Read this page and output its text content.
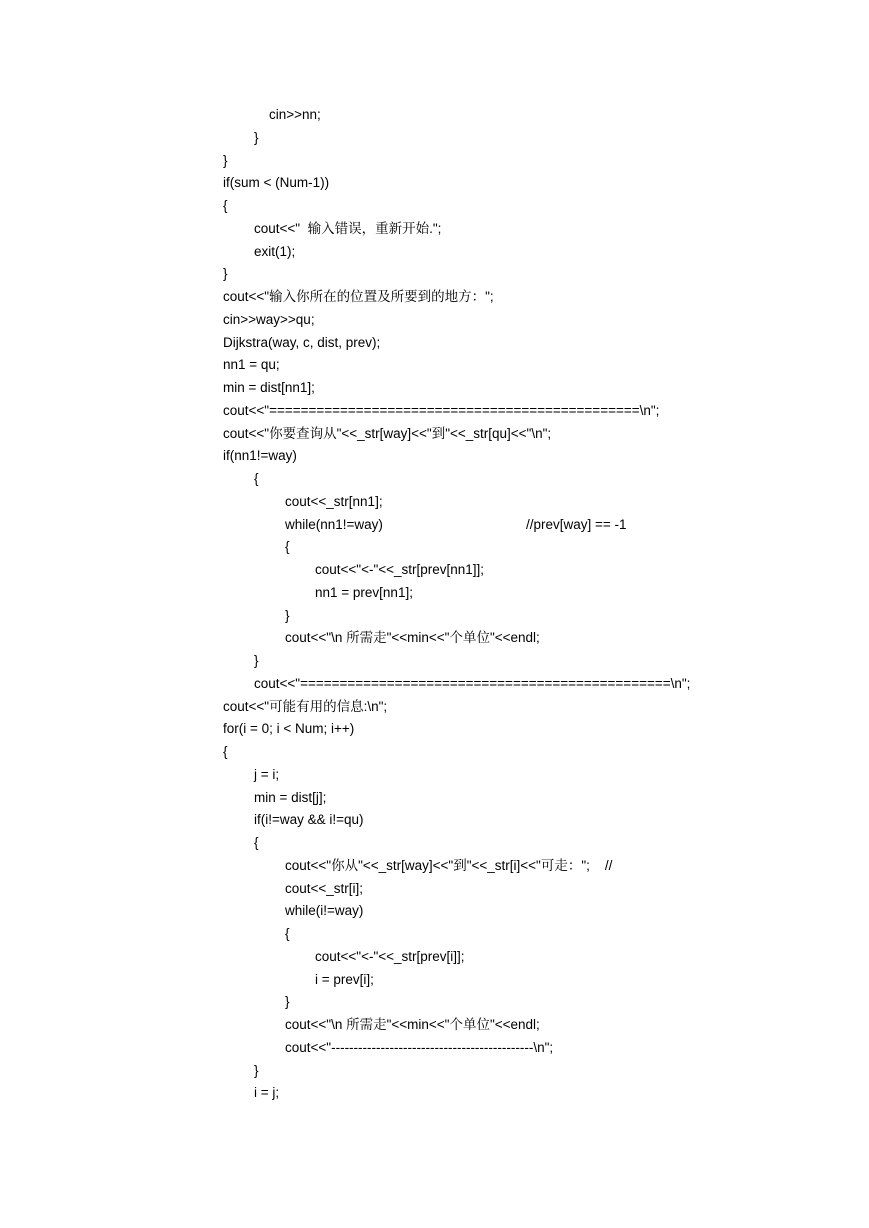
cin>>nn;
}
}
if(sum < (Num-1))
{
cout<<"  输入错误，重新开始.";
exit(1);
}
cout<<"输入你所在的位置及所要到的地方：";
cin>>way>>qu;
Dijkstra(way, c, dist, prev);
nn1 = qu;
min = dist[nn1];
cout<<"===============================================\n";
cout<<"你要查询从"<<_str[way]<<"到"<<_str[qu]<<"\n";
if(nn1!=way)
{
cout<<_str[nn1];
while(nn1!=way)	//prev[way] == -1
{
cout<<"<-"<<_str[prev[nn1]];
nn1 = prev[nn1];
}
cout<<"\n 所需走"<<min<<"个单位"<<endl;
}
cout<<"===============================================\n";
cout<<"可能有用的信息:\n";
for(i = 0; i < Num; i++)
{
j = i;
min = dist[j];
if(i!=way && i!=qu)
{
cout<<"你从"<<_str[way]<<"到"<<_str[i]<<"可走：";    //
cout<<_str[i];
while(i!=way)
{
cout<<"<-"<<_str[prev[i]];
i = prev[i];
}
cout<<"\n 所需走"<<min<<"个单位"<<endl;
cout<<"---------------------------------------------\n";
}
i = j;
